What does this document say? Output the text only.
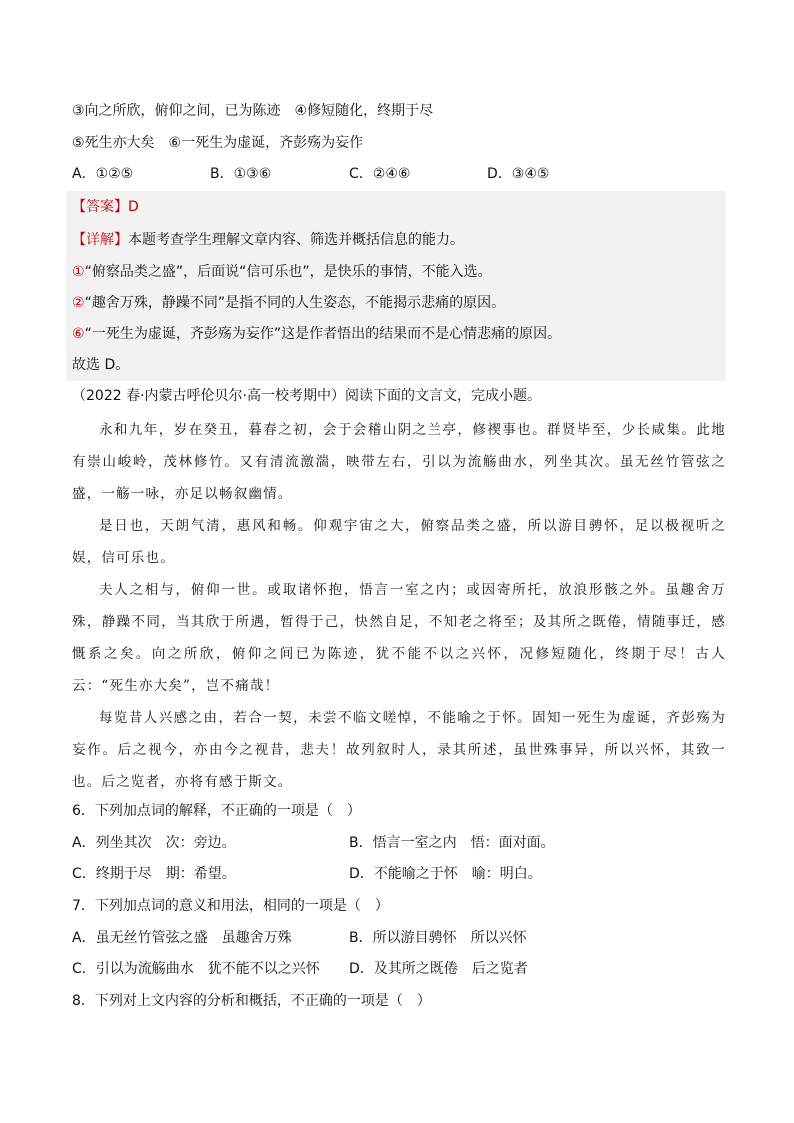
③向之所欣，俯仰之间，已为陈迹　④修短随化，终期于尽
⑤死生亦大矣　⑥一死生为虚诞，齐彭殇为妄作
A．①②⑤	B．①③⑥	C．②④⑥	D．③④⑤
【答案】D
【详解】本题考查学生理解文章内容、筛选并概括信息的能力。
①“俯察品类之盛”，后面说“信可乐也”，是快乐的事情，不能入选。
②“趣舍万殊，静躁不同”是指不同的人生姿态，不能揭示悲痛的原因。
⑥“一死生为虚诞，齐彭殇为妄作”这是作者悟出的结果而不是心情悲痛的原因。
故选 D。
（2022 春·内蒙古呼伦贝尔·高一校考期中）阅读下面的文言文，完成小题。

永和九年，岁在癸丑，暮春之初，会于会稽山阴之兰亭，修禊事也。群贤毕至，少长咸集。此地有崇山峻岭，茂林修竹。又有清流激湍，映带左右，引以为流觞曲水，列坐其次。虽无丝竹管弦之盛，一觞一咏，亦足以畅叙幽情。

是日也，天朗气清，惠风和畅。仰观宇宙之大，俯察品类之盛，所以游目骋怀，足以极视听之娱，信可乐也。

夫人之相与，俯仰一世。或取诸怀抱，悟言一室之内；或因寄所托，放浪形骸之外。虽趣舍万殊，静躁不同，当其欣于所遇，暂得于己，快然自足，不知老之将至；及其所之既倦，情随事迁，感慨系之矣。向之所欣，俯仰之间已为陈迹，犹不能不以之兴怀，况修短随化，终期于尽！古人云：“死生亦大矣”，岂不痛哉！

每览昔人兴感之由，若合一契，未尝不临文嗟悼，不能喻之于怀。固知一死生为虚诞，齐彭殇为妄作。后之视今，亦由今之视昔，悲夫！故列叙时人，录其所述，虽世殊事异，所以兴怀，其致一也。后之览者，亦将有感于斯文。

6．下列加点词的解释，不正确的一项是（　）
A．列坐其次　次：旁边。	B．悟言一室之内　悟：面对面。
C．终期于尽　期：希望。	D．不能喻之于怀　喻：明白。
7．下列加点词的意义和用法，相同的一项是（　）
A．虽无丝竹管弦之盛　虽趣舍万殊	B．所以游目骋怀　所以兴怀
C．引以为流觞曲水　犹不能不以之兴怀 D．及其所之既倦　后之览者
8．下列对上文内容的分析和概括，不正确的一项是（　）
